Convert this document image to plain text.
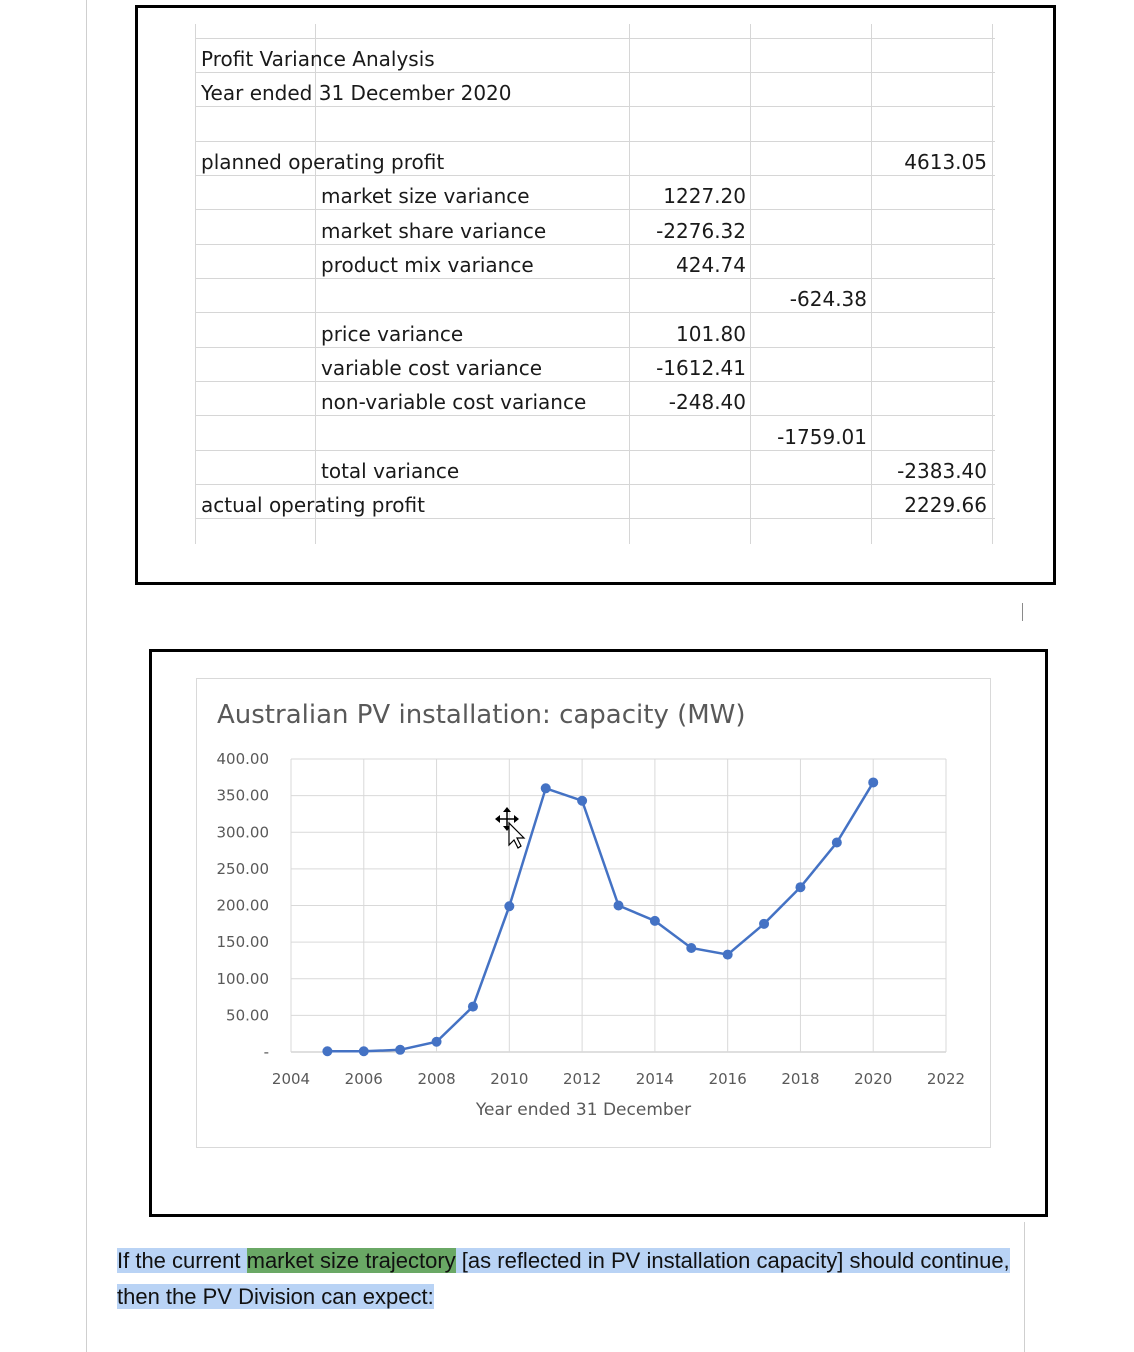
Profit Variance Analysis
Year ended 31 December 2020
planned operating profit	4613.05
market size variance	1227.20
market share variance	-2276.32
product mix variance	424.74
-624.38
price variance	101.80
variable cost variance	-1612.41
non-variable cost variance	-248.40
-1759.01
total variance	-2383.40
actual operating profit	2229.66
Australian PV installation: capacity (MW)
-
50.00
100.00
150.00
200.00
250.00
300.00
350.00
400.00
2004 2006 2008 2010 2012 2014 2016 2018 2020 2022
Year ended 31 December
If the current market size trajectory [as reflected in PV installation capacity] should continue, then the PV Division can expect:
